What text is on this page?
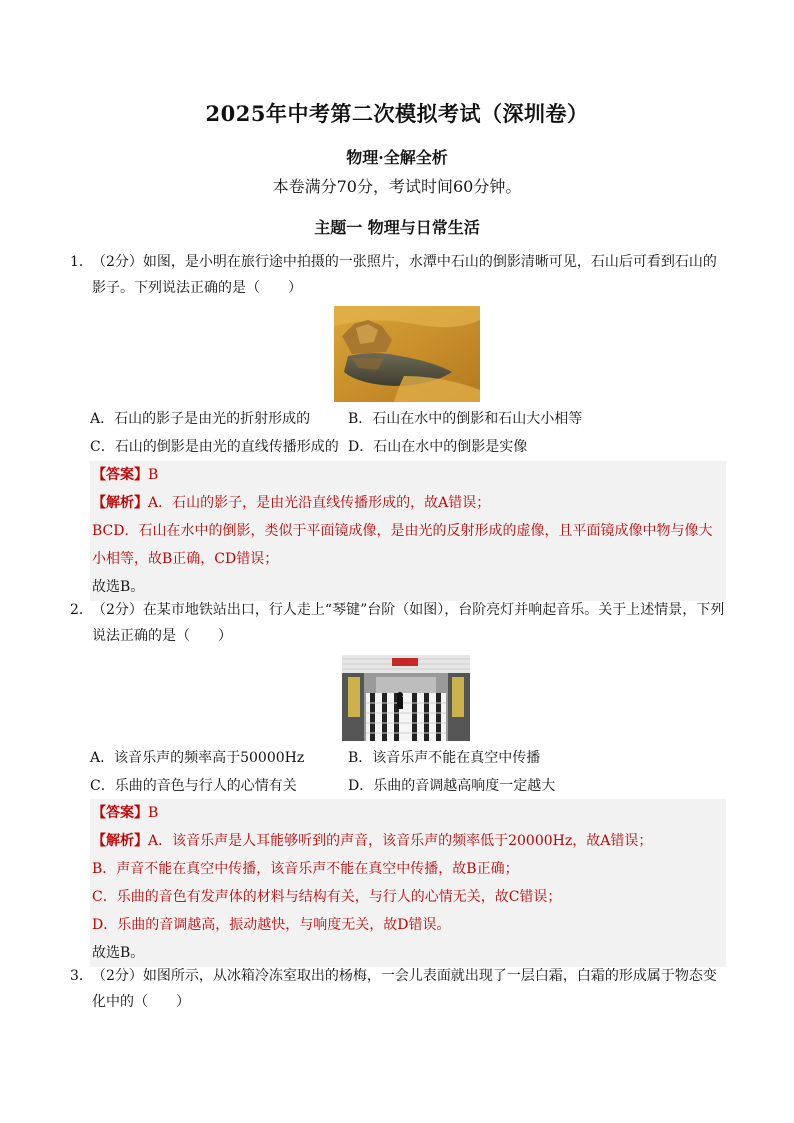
2025年中考第二次模拟考试（深圳卷）
物理·全解全析
本卷满分70分，考试时间60分钟。
主题一 物理与日常生活
1．（2分）如图，是小明在旅行途中拍摄的一张照片，水潭中石山的倒影清晰可见，石山后可看到石山的
影子。下列说法正确的是（　　）
A．石山的影子是由光的折射形成的	B．石山在水中的倒影和石山大小相等
C．石山的倒影是由光的直线传播形成的 D．石山在水中的倒影是实像
【答案】B
【解析】A．石山的影子，是由光沿直线传播形成的，故A错误；
BCD．石山在水中的倒影，类似于平面镜成像，是由光的反射形成的虚像，且平面镜成像中物与像大
小相等，故B正确，CD错误；
故选B。
2．（2分）在某市地铁站出口，行人走上“琴键”台阶（如图），台阶亮灯并响起音乐。关于上述情景，下列
说法正确的是（　　）
A．该音乐声的频率高于50000Hz	B．该音乐声不能在真空中传播
C．乐曲的音色与行人的心情有关	D．乐曲的音调越高响度一定越大
【答案】B
【解析】A．该音乐声是人耳能够听到的声音，该音乐声的频率低于20000Hz，故A错误；
B．声音不能在真空中传播，该音乐声不能在真空中传播，故B正确；
C．乐曲的音色有发声体的材料与结构有关，与行人的心情无关，故C错误；
D．乐曲的音调越高，振动越快，与响度无关，故D错误。
故选B。
3．（2分）如图所示，从冰箱冷冻室取出的杨梅，一会儿表面就出现了一层白霜，白霜的形成属于物态变
化中的（　　）
